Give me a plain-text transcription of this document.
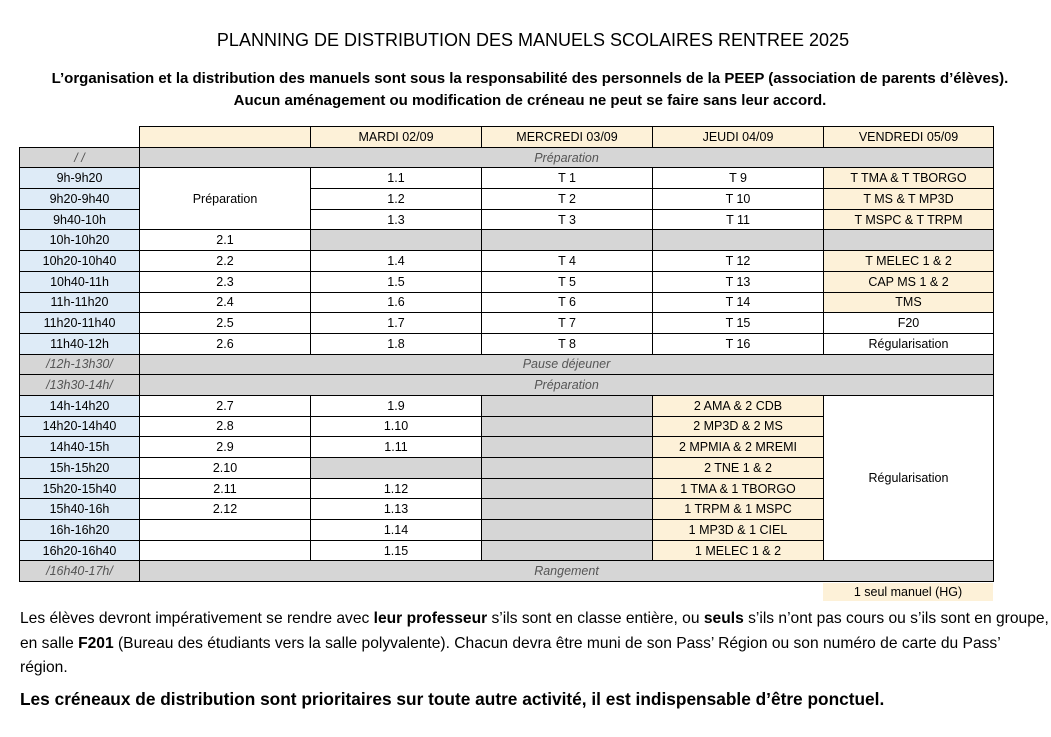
PLANNING DE DISTRIBUTION DES MANUELS SCOLAIRES RENTREE 2025
L’organisation et la distribution des manuels sont sous la responsabilité des personnels de la PEEP (association de parents d’élèves). Aucun aménagement ou modification de créneau ne peut se faire sans leur accord.
		MARDI 02/09	MERCREDI 03/09	JEUDI 04/09	VENDREDI 05/09
/ /	Préparation				
9h-9h20	Préparation	1.1	T 1	T 9	T TMA & T TBORGO
9h20-9h40		1.2	T 2	T 10	T MS & T MP3D
9h40-10h		1.3	T 3	T 11	T MSPC & T TRPM
10h-10h20	2.1				
10h20-10h40	2.2	1.4	T 4	T 12	T MELEC 1 & 2
10h40-11h	2.3	1.5	T 5	T 13	CAP MS 1 & 2
11h-11h20	2.4	1.6	T 6	T 14	TMS
11h20-11h40	2.5	1.7	T 7	T 15	F20
11h40-12h	2.6	1.8	T 8	T 16	Régularisation
/12h-13h30/	Pause déjeuner				
/13h30-14h/	Préparation				
14h-14h20	2.7	1.9		2 AMA & 2 CDB	Régularisation
14h20-14h40	2.8	1.10		2 MP3D & 2 MS	
14h40-15h	2.9	1.11		2 MPMIA & 2 MREMI	
15h-15h20	2.10			2 TNE 1 & 2	
15h20-15h40	2.11	1.12		1 TMA & 1 TBORGO	
15h40-16h	2.12	1.13		1 TRPM & 1 MSPC	
16h-16h20		1.14		1 MP3D & 1 CIEL	
16h20-16h40		1.15		1 MELEC 1 & 2	
/16h40-17h/	Rangement				
1 seul manuel (HG)
Les élèves devront impérativement se rendre avec leur professeur s’ils sont en classe entière, ou seuls s’ils n’ont pas cours ou s’ils sont en groupe, en salle F201 (Bureau des étudiants vers la salle polyvalente). Chacun devra être muni de son Pass’ Région ou son numéro de carte du Pass’ région.
Les créneaux de distribution sont prioritaires sur toute autre activité, il est indispensable d’être ponctuel.
